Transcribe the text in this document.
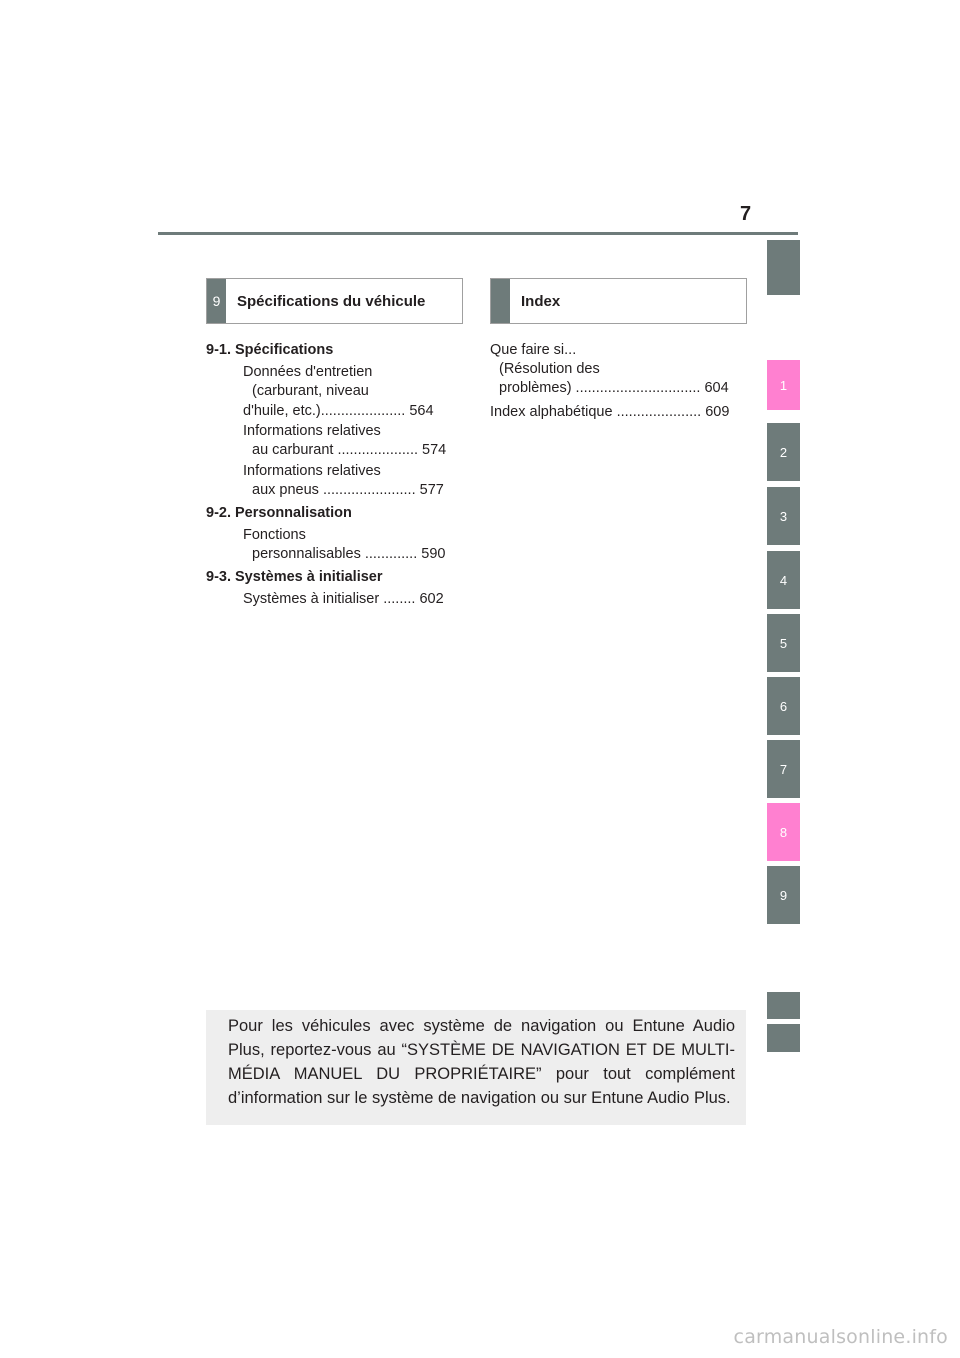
7
1
2
3
4
5
6
7
8
9
9	Spécifications du véhicule	Index
9-1. Spécifications
Données d'entretien
(carburant, niveau
d'huile, etc.)..................... 564
Informations relatives
au carburant .................... 574
Informations relatives
aux pneus ....................... 577
9-2. Personnalisation
Fonctions
personnalisables ............. 590
9-3. Systèmes à initialiser
Systèmes à initialiser ........ 602
Que faire si...
(Résolution des
problèmes) ............................... 604
Index alphabétique ..................... 609
Pour les véhicules avec système de navigation ou Entune Audio Plus, reportez-vous au “SYSTÈME DE NAVIGATION ET DE MULTI-MÉDIA MANUEL DU PROPRIÉTAIRE” pour tout complément d’information sur le système de navigation ou sur Entune Audio Plus.
carmanualsonline.info
